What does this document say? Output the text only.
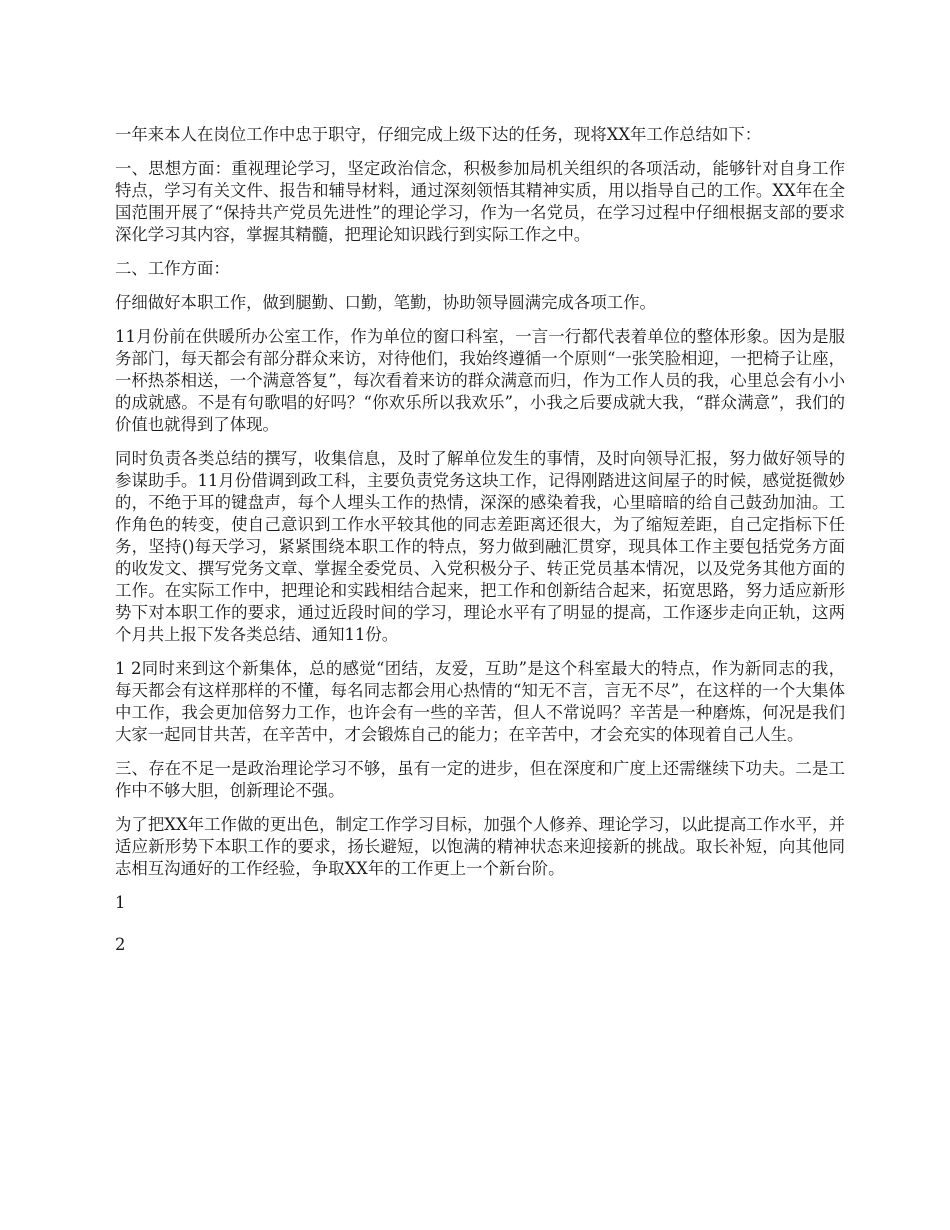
一年来本人在岗位工作中忠于职守，仔细完成上级下达的任务，现将XX年工作总结如下：

一、思想方面：重视理论学习，坚定政治信念，积极参加局机关组织的各项活动，能够针对自身工作特点，学习有关文件、报告和辅导材料，通过深刻领悟其精神实质，用以指导自己的工作。XX年在全国范围开展了“保持共产党员先进性”的理论学习，作为一名党员，在学习过程中仔细根据支部的要求深化学习其内容，掌握其精髓，把理论知识践行到实际工作之中。

二、工作方面：

仔细做好本职工作，做到腿勤、口勤，笔勤，协助领导圆满完成各项工作。

11月份前在供暖所办公室工作，作为单位的窗口科室，一言一行都代表着单位的整体形象。因为是服务部门，每天都会有部分群众来访，对待他们，我始终遵循一个原则“一张笑脸相迎，一把椅子让座，一杯热茶相送，一个满意答复”，每次看着来访的群众满意而归，作为工作人员的我，心里总会有小小的成就感。不是有句歌唱的好吗？“你欢乐所以我欢乐”，小我之后要成就大我，“群众满意”，我们的价值也就得到了体现。

同时负责各类总结的撰写，收集信息，及时了解单位发生的事情，及时向领导汇报，努力做好领导的参谋助手。11月份借调到政工科，主要负责党务这块工作，记得刚踏进这间屋子的时候，感觉挺微妙的，不绝于耳的键盘声，每个人埋头工作的热情，深深的感染着我，心里暗暗的给自己鼓劲加油。工作角色的转变，使自己意识到工作水平较其他的同志差距离还很大，为了缩短差距，自己定指标下任务，坚持()每天学习，紧紧围绕本职工作的特点，努力做到融汇贯穿，现具体工作主要包括党务方面的收发文、撰写党务文章、掌握全委党员、入党积极分子、转正党员基本情况，以及党务其他方面的工作。在实际工作中，把理论和实践相结合起来，把工作和创新结合起来，拓宽思路，努力适应新形势下对本职工作的要求，通过近段时间的学习，理论水平有了明显的提高，工作逐步走向正轨，这两个月共上报下发各类总结、通知11份。

1 2同时来到这个新集体，总的感觉“团结，友爱，互助”是这个科室最大的特点，作为新同志的我，每天都会有这样那样的不懂，每名同志都会用心热情的“知无不言，言无不尽”，在这样的一个大集体中工作，我会更加倍努力工作，也许会有一些的辛苦，但人不常说吗？辛苦是一种磨炼，何况是我们大家一起同甘共苦，在辛苦中，才会锻炼自己的能力；在辛苦中，才会充实的体现着自己人生。

三、存在不足一是政治理论学习不够，虽有一定的进步，但在深度和广度上还需继续下功夫。二是工作中不够大胆，创新理论不强。

为了把XX年工作做的更出色，制定工作学习目标，加强个人修养、理论学习，以此提高工作水平，并适应新形势下本职工作的要求，扬长避短，以饱满的精神状态来迎接新的挑战。取长补短，向其他同志相互沟通好的工作经验，争取XX年的工作更上一个新台阶。

1

2
